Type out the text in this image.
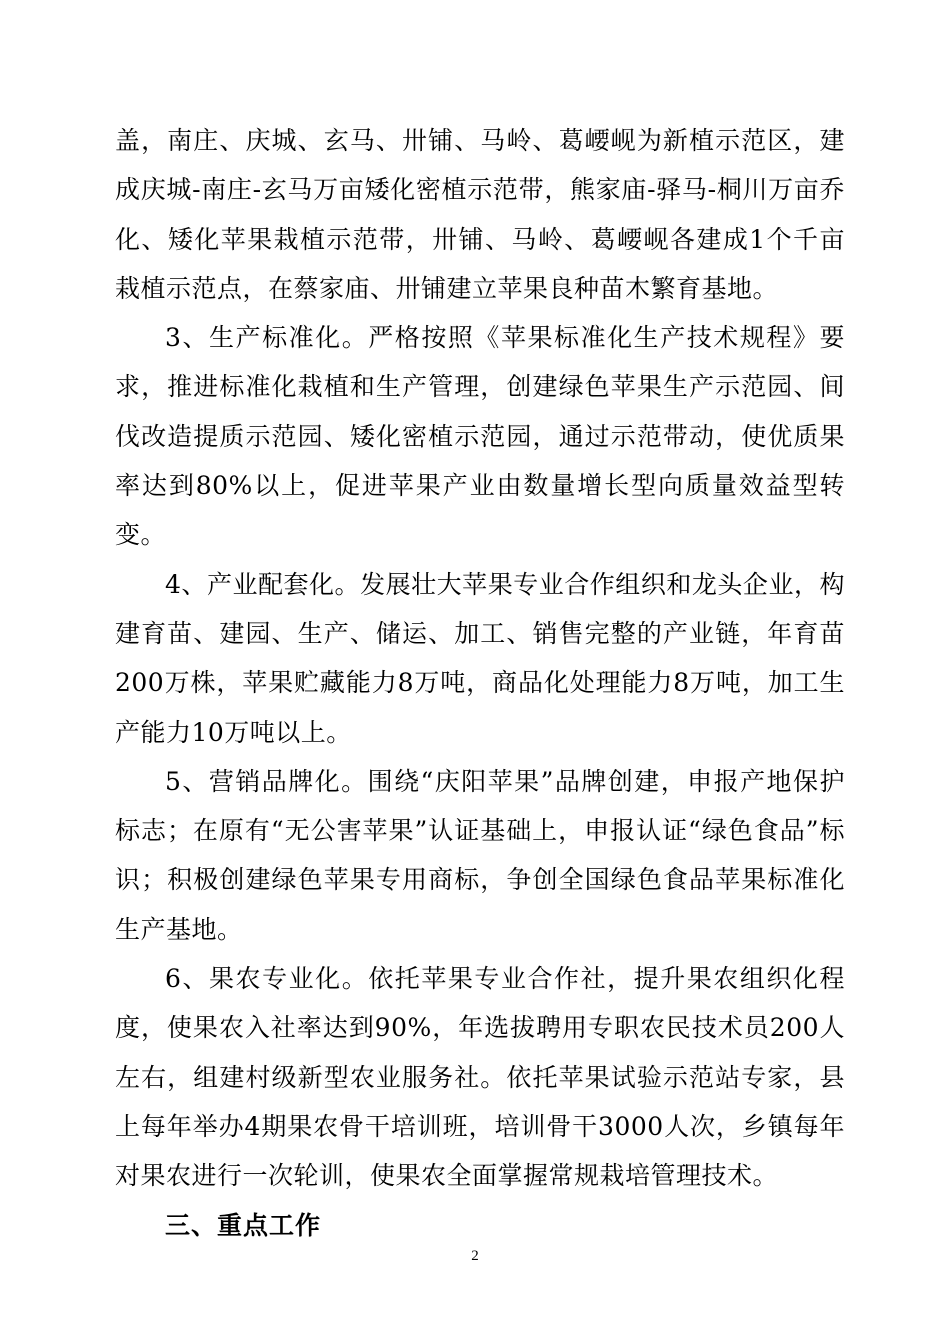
盖，南庄、庆城、玄马、卅铺、马岭、葛崾岘为新植示范区，建成庆城-南庄-玄马万亩矮化密植示范带，熊家庙-驿马-桐川万亩乔化、矮化苹果栽植示范带，卅铺、马岭、葛崾岘各建成1个千亩栽植示范点，在蔡家庙、卅铺建立苹果良种苗木繁育基地。

3、生产标准化。严格按照《苹果标准化生产技术规程》要求，推进标准化栽植和生产管理，创建绿色苹果生产示范园、间伐改造提质示范园、矮化密植示范园，通过示范带动，使优质果率达到80%以上，促进苹果产业由数量增长型向质量效益型转变。

4、产业配套化。发展壮大苹果专业合作组织和龙头企业，构建育苗、建园、生产、储运、加工、销售完整的产业链，年育苗200万株，苹果贮藏能力8万吨，商品化处理能力8万吨，加工生产能力10万吨以上。

5、营销品牌化。围绕“庆阳苹果”品牌创建，申报产地保护标志；在原有“无公害苹果”认证基础上，申报认证“绿色食品”标识；积极创建绿色苹果专用商标，争创全国绿色食品苹果标准化生产基地。

6、果农专业化。依托苹果专业合作社，提升果农组织化程度，使果农入社率达到90%，年选拔聘用专职农民技术员200人左右，组建村级新型农业服务社。依托苹果试验示范站专家，县上每年举办4期果农骨干培训班，培训骨干3000人次，乡镇每年对果农进行一次轮训，使果农全面掌握常规栽培管理技术。

三、重点工作

2
